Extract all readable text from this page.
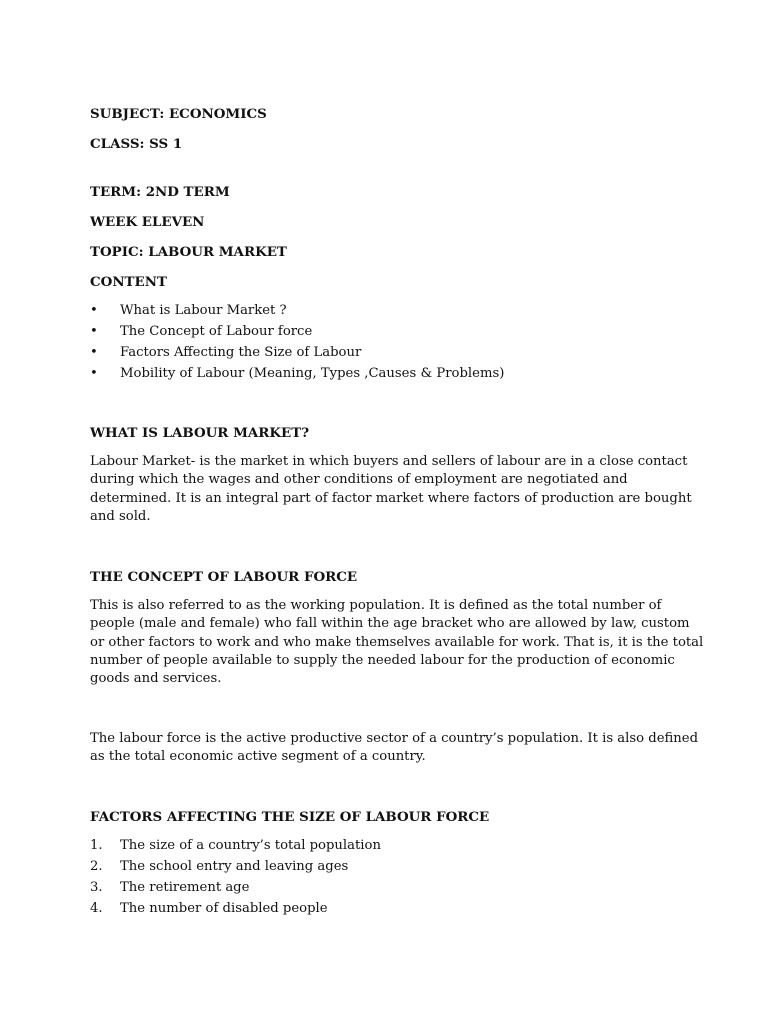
SUBJECT: ECONOMICS

CLASS: SS 1

TERM: 2ND TERM

WEEK ELEVEN

TOPIC: LABOUR MARKET

CONTENT

•	What is Labour Market ?
•	The Concept of Labour force
•	Factors Affecting the Size of Labour
•	Mobility of Labour (Meaning, Types ,Causes & Problems)

WHAT IS LABOUR MARKET?

Labour Market- is the market in which buyers and sellers of labour are in a close contact
during which the wages and other conditions of employment are negotiated and
determined. It is an integral part of factor market where factors of production are bought
and sold.

THE CONCEPT OF LABOUR FORCE

This is also referred to as the working population. It is defined as the total number of
people (male and female) who fall within the age bracket who are allowed by law, custom
or other factors to work and who make themselves available for work. That is, it is the total
number of people available to supply the needed labour for the production of economic
goods and services.
The labour force is the active productive sector of a country’s population. It is also defined
as the total economic active segment of a country.

FACTORS AFFECTING THE SIZE OF LABOUR FORCE

1.	The size of a country’s total population
2.	The school entry and leaving ages
3.	The retirement age
4.	The number of disabled people
